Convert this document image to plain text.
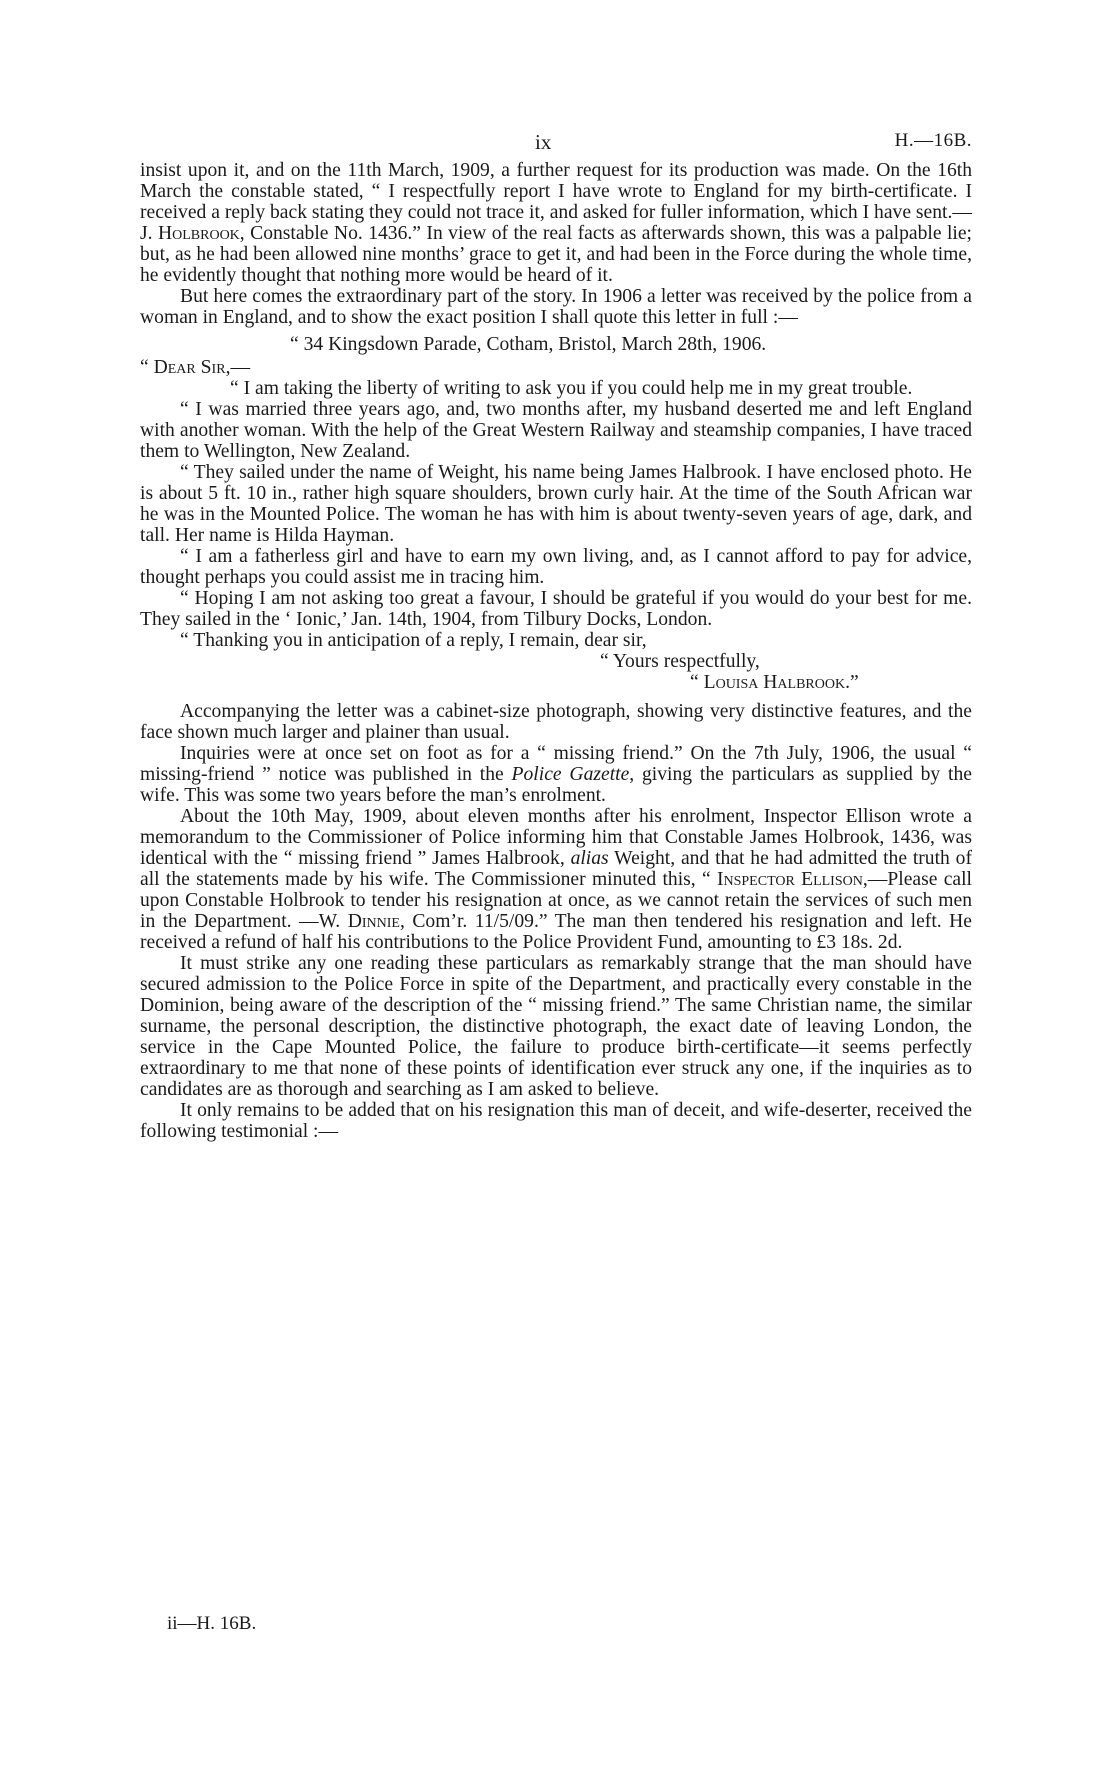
ix	H.—16B.

insist upon it, and on the 11th March, 1909, a further request for its production was made. On the 16th March the constable stated, “ I respectfully report I have wrote to England for my birth-certificate. I received a reply back stating they could not trace it, and asked for fuller information, which I have sent.—J. Holbrook, Constable No. 1436.” In view of the real facts as afterwards shown, this was a palpable lie; but, as he had been allowed nine months’ grace to get it, and had been in the Force during the whole time, he evidently thought that nothing more would be heard of it.

But here comes the extraordinary part of the story. In 1906 a letter was received by the police from a woman in England, and to show the exact position I shall quote this letter in full :—

“ 34 Kingsdown Parade, Cotham, Bristol, March 28th, 1906.

“ Dear Sir,—

“ I am taking the liberty of writing to ask you if you could help me in my great trouble.

“ I was married three years ago, and, two months after, my husband deserted me and left England with another woman. With the help of the Great Western Railway and steamship companies, I have traced them to Wellington, New Zealand.

“ They sailed under the name of Weight, his name being James Halbrook. I have enclosed photo. He is about 5 ft. 10 in., rather high square shoulders, brown curly hair. At the time of the South African war he was in the Mounted Police. The woman he has with him is about twenty-seven years of age, dark, and tall. Her name is Hilda Hayman.

“ I am a fatherless girl and have to earn my own living, and, as I cannot afford to pay for advice, thought perhaps you could assist me in tracing him.

“ Hoping I am not asking too great a favour, I should be grateful if you would do your best for me. They sailed in the ‘ Ionic,’ Jan. 14th, 1904, from Tilbury Docks, London.

“ Thanking you in anticipation of a reply, I remain, dear sir,

“ Yours respectfully,

“ Louisa Halbrook.”

Accompanying the letter was a cabinet-size photograph, showing very distinctive features, and the face shown much larger and plainer than usual.

Inquiries were at once set on foot as for a “ missing friend.” On the 7th July, 1906, the usual “ missing-friend ” notice was published in the Police Gazette, giving the particulars as supplied by the wife. This was some two years before the man’s enrolment.

About the 10th May, 1909, about eleven months after his enrolment, Inspector Ellison wrote a memorandum to the Commissioner of Police informing him that Constable James Holbrook, 1436, was identical with the “ missing friend ” James Halbrook, alias Weight, and that he had admitted the truth of all the statements made by his wife. The Commissioner minuted this, “ Inspector Ellison,—Please call upon Constable Holbrook to tender his resignation at once, as we cannot retain the services of such men in the Department. —W. Dinnie, Com’r. 11/5/09.” The man then tendered his resignation and left. He received a refund of half his contributions to the Police Provident Fund, amounting to £3 18s. 2d.

It must strike any one reading these particulars as remarkably strange that the man should have secured admission to the Police Force in spite of the Department, and practically every constable in the Dominion, being aware of the description of the “ missing friend.” The same Christian name, the similar surname, the personal description, the distinctive photograph, the exact date of leaving London, the service in the Cape Mounted Police, the failure to produce birth-certificate—it seems perfectly extraordinary to me that none of these points of identification ever struck any one, if the inquiries as to candidates are as thorough and searching as I am asked to believe.

It only remains to be added that on his resignation this man of deceit, and wife-deserter, received the following testimonial :—

ii—H. 16B.
